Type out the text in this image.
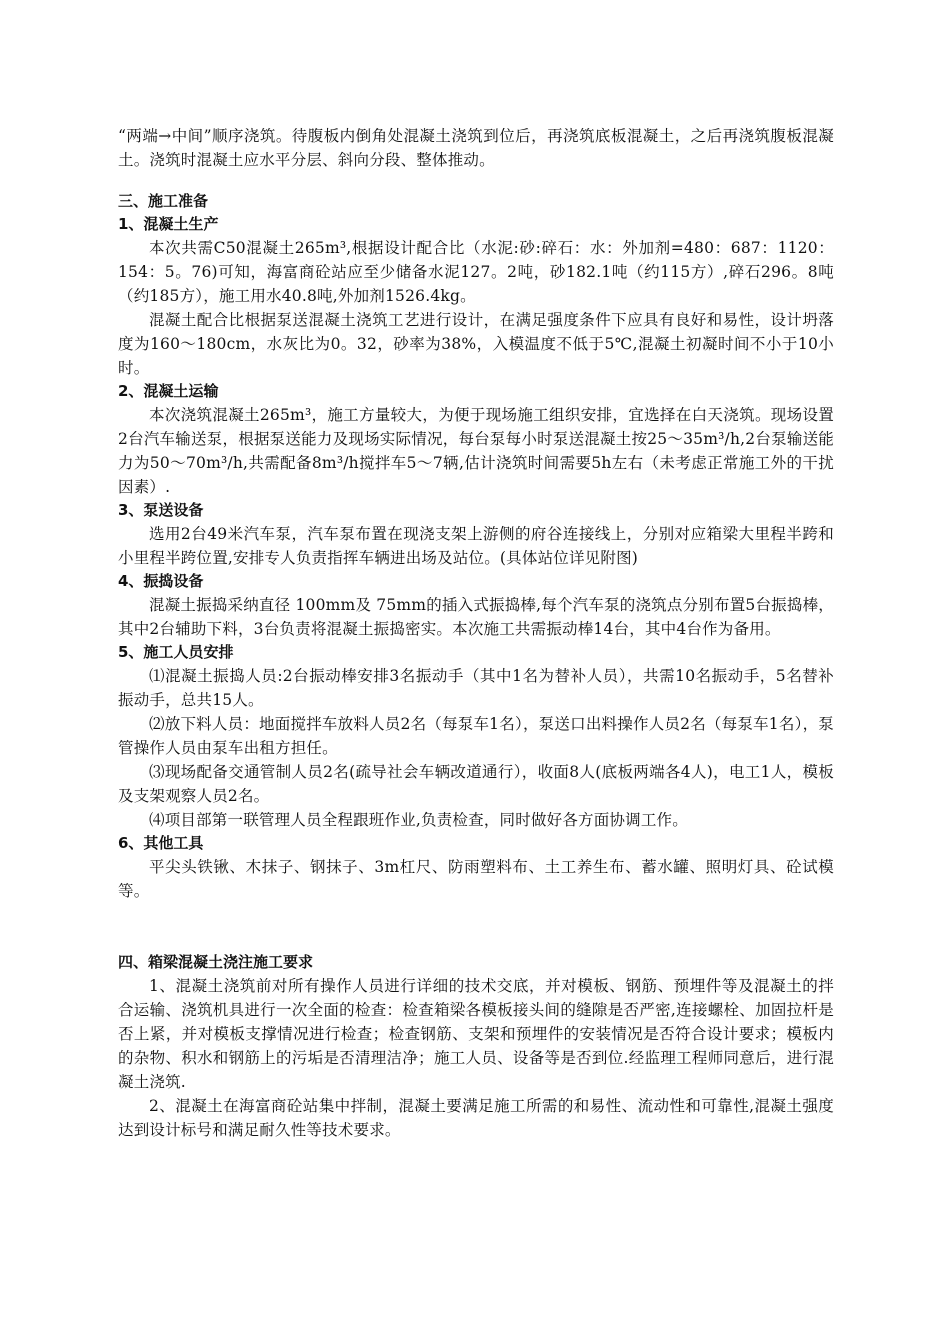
“两端→中间”顺序浇筑。待腹板内倒角处混凝土浇筑到位后，再浇筑底板混凝土，之后再浇筑腹板混凝土。浇筑时混凝土应水平分层、斜向分段、整体推动。

三、施工准备
1、混凝土生产

本次共需C50混凝土265m³,根据设计配合比（水泥:砂:碎石：水：外加剂=480：687：1120：154：5。76)可知，海富商砼站应至少储备水泥127。2吨，砂182.1吨（约115方）,碎石296。8吨（约185方），施工用水40.8吨,外加剂1526.4kg。

混凝土配合比根据泵送混凝土浇筑工艺进行设计，在满足强度条件下应具有良好和易性，设计坍落度为160～180cm，水灰比为0。32，砂率为38%，入模温度不低于5℃,混凝土初凝时间不小于10小时。

2、混凝土运输

本次浇筑混凝土265m³，施工方量较大，为便于现场施工组织安排，宜选择在白天浇筑。现场设置2台汽车输送泵，根据泵送能力及现场实际情况，每台泵每小时泵送混凝土按25～35m³/h,2台泵输送能力为50～70m³/h,共需配备8m³/h搅拌车5～7辆,估计浇筑时间需要5h左右（未考虑正常施工外的干扰因素）.

3、泵送设备

选用2台49米汽车泵，汽车泵布置在现浇支架上游侧的府谷连接线上，分别对应箱梁大里程半跨和小里程半跨位置,安排专人负责指挥车辆进出场及站位。(具体站位详见附图)

4、振捣设备

混凝土振捣采纳直径 100mm及 75mm的插入式振捣棒,每个汽车泵的浇筑点分别布置5台振捣棒，其中2台辅助下料，3台负责将混凝土振捣密实。本次施工共需振动棒14台，其中4台作为备用。

5、施工人员安排

⑴混凝土振捣人员:2台振动棒安排3名振动手（其中1名为替补人员），共需10名振动手，5名替补振动手，总共15人。

⑵放下料人员：地面搅拌车放料人员2名（每泵车1名），泵送口出料操作人员2名（每泵车1名），泵管操作人员由泵车出租方担任。

⑶现场配备交通管制人员2名(疏导社会车辆改道通行），收面8人(底板两端各4人)，电工1人，模板及支架观察人员2名。

⑷项目部第一联管理人员全程跟班作业,负责检查，同时做好各方面协调工作。

6、其他工具

平尖头铁锹、木抹子、钢抹子、3m杠尺、防雨塑料布、土工养生布、蓄水罐、照明灯具、砼试模等。

四、箱梁混凝土浇注施工要求

1、混凝土浇筑前对所有操作人员进行详细的技术交底，并对模板、钢筋、预埋件等及混凝土的拌合运输、浇筑机具进行一次全面的检查：检查箱梁各模板接头间的缝隙是否严密,连接螺栓、加固拉杆是否上紧，并对模板支撑情况进行检查；检查钢筋、支架和预埋件的安装情况是否符合设计要求；模板内的杂物、积水和钢筋上的污垢是否清理洁净；施工人员、设备等是否到位.经监理工程师同意后，进行混凝土浇筑.

2、混凝土在海富商砼站集中拌制，混凝土要满足施工所需的和易性、流动性和可靠性,混凝土强度达到设计标号和满足耐久性等技术要求。
